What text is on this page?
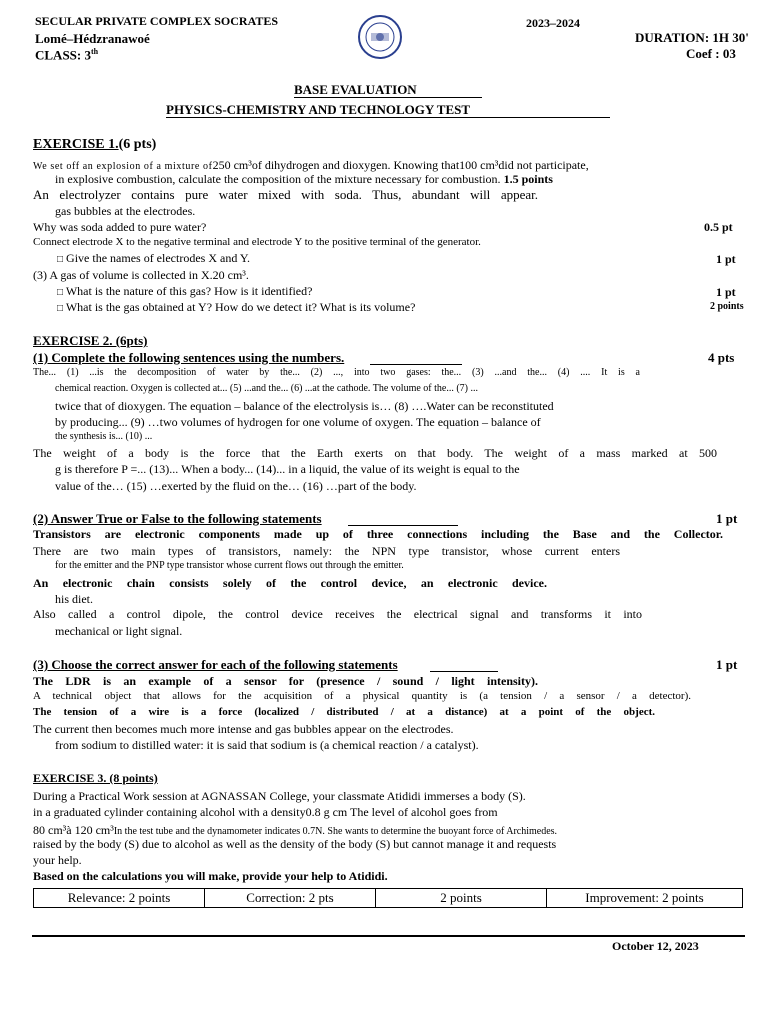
SECULAR PRIVATE COMPLEX SOCRATES
Lomé–Hédzranawoé
CLASS: 3th
2023–2024
DURATION: 1H 30'
Coef : 03
BASE EVALUATION
PHYSICS-CHEMISTRY AND TECHNOLOGY TEST
EXERCISE 1.(6 pts)
We set off an explosion of a mixture of250 cm³of dihydrogen and dioxygen. Knowing that100 cm³did not participate,
in explosive combustion, calculate the composition of the mixture necessary for combustion. 1.5 points
An electrolyzer contains pure water mixed with soda. Thus, abundant will appear.
gas bubbles at the electrodes.
Why was soda added to pure water?	0.5 pt
Connect electrode X to the negative terminal and electrode Y to the positive terminal of the generator.
□ Give the names of electrodes X and Y.	1 pt
(3) A gas of volume is collected in X.20 cm³.
□ What is the nature of this gas? How is it identified?	1 pt
□ What is the gas obtained at Y? How do we detect it? What is its volume?	2 points
EXERCISE 2. (6pts)
(1) Complete the following sentences using the numbers.	4 pts
The... (1) ...is the decomposition of water by the... (2) ..., into two gases: the... (3) ...and the... (4) .... It is a
chemical reaction. Oxygen is collected at... (5) ...and the... (6) ...at the cathode. The volume of the... (7) ...
twice that of dioxygen. The equation – balance of the electrolysis is… (8) ….Water can be reconstituted
by producing... (9) …two volumes of hydrogen for one volume of oxygen. The equation – balance of
the synthesis is... (10) ...
The weight of a body is the force that the Earth exerts on that body. The weight of a mass marked at 500
g is therefore P =... (13)... When a body... (14)... in a liquid, the value of its weight is equal to the
value of the… (15) …exerted by the fluid on the… (16) …part of the body.
(2) Answer True or False to the following statements	1 pt
Transistors are electronic components made up of three connections including the Base and the Collector.
There are two main types of transistors, namely: the NPN type transistor, whose current enters
for the emitter and the PNP type transistor whose current flows out through the emitter.
An electronic chain consists solely of the control device, an electronic device.
his diet.
Also called a control dipole, the control device receives the electrical signal and transforms it into
mechanical or light signal.
(3) Choose the correct answer for each of the following statements	1 pt
The LDR is an example of a sensor for (presence / sound / light intensity).
A technical object that allows for the acquisition of a physical quantity is (a tension / a sensor / a detector).
The tension of a wire is a force (localized / distributed / at a distance) at a point of the object.
The current then becomes much more intense and gas bubbles appear on the electrodes.
from sodium to distilled water: it is said that sodium is (a chemical reaction / a catalyst).
EXERCISE 3. (8 points)
During a Practical Work session at AGNASSAN College, your classmate Atididi immerses a body (S).
in a graduated cylinder containing alcohol with a density0.8 g cm The level of alcohol goes from
80 cm³à 120 cm³In the test tube and the dynamometer indicates 0.7N. She wants to determine the buoyant force of Archimedes.
raised by the body (S) due to alcohol as well as the density of the body (S) but cannot manage it and requests
your help.
Based on the calculations you will make, provide your help to Atididi.
Relevance: 2 points	Correction: 2 pts	2 points	Improvement: 2 points
October 12, 2023
